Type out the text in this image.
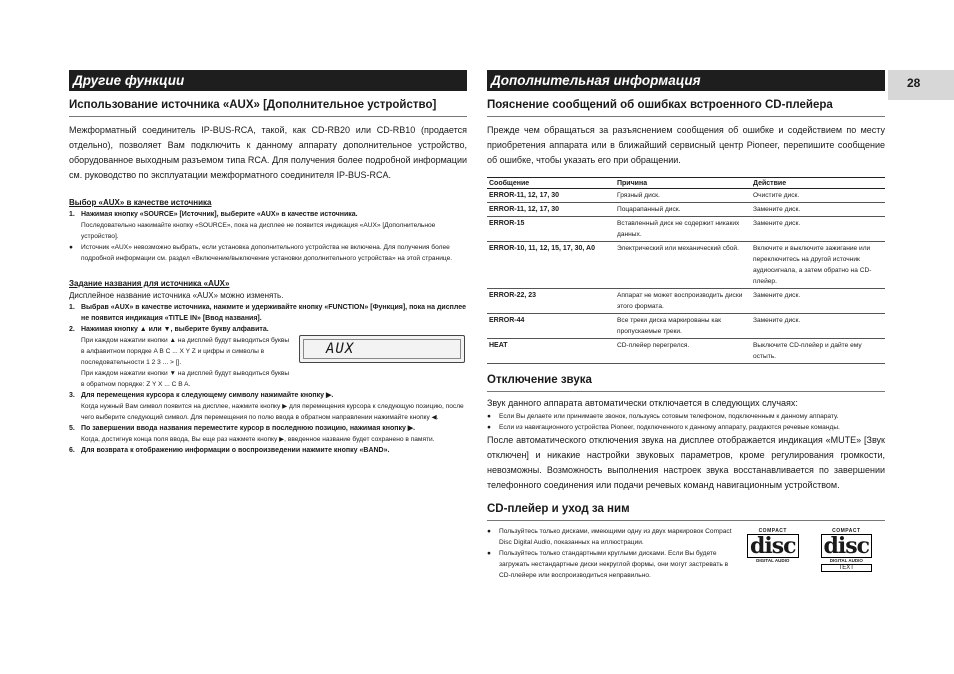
28
Другие функции
Использование источника «AUX» [Дополнительное устройство]

Межформатный соединитель IP-BUS-RCA, такой, как CD-RB20 или CD-RB10 (продается отдельно), позволяет Вам подключить к данному аппарату дополнительное устройство, оборудованное выходным разъемом типа RCA. Для получения более подробной информации см. руководство по эксплуатации межформатного соединителя IP-BUS-RCA.

Выбор «AUX» в качестве источника
1. Нажимая кнопку «SOURCE» [Источник], выберите «AUX» в качестве источника.
Последовательно нажимайте кнопку «SOURCE», пока на дисплее не появится индикация «AUX» [Дополнительное устройство].
●	Источник «AUX» невозможно выбрать, если установка дополнительного устройства не включена. Для получения более подробной информации см. раздел «Включение/выключение установки дополнительного устройства» на этой странице.
Задание названия для источника «AUX»

Дисплейное название источника «AUX» можно изменять.

1. Выбрав «AUX» в качестве источника, нажмите и удерживайте кнопку «FUNCTION» [Функция], пока на дисплее не появится индикация «TITLE IN» [Ввод названия].
2. Нажимая кнопку ▲ или ▼, выберите букву алфавита.
При каждом нажатии кнопки ▲ на дисплей будут выводиться буквы в алфавитном порядке A B C ... X Y Z и цифры и символы в последовательности 1 2 3 ... > [].
При каждом нажатии кнопки ▼ на дисплей будут выводиться буквы в обратном порядке: Z Y X ... C B A.
AUX
3. Для перемещения курсора к следующему символу нажимайте кнопку ▶.
Когда нужный Вам символ появится на дисплее, нажмите кнопку ▶ для перемещения курсора к следующую позицию, после чего выберите следующий символ. Для перемещения по полю ввода в обратном направлении нажимайте кнопку ◀.
5. По завершении ввода названия переместите курсор в последнюю позицию, нажимая кнопку ▶.
Когда, достигнув конца поля ввода, Вы еще раз нажмете кнопку ▶, введенное название будет сохранено в памяти.
6. Для возврата к отображению информации о воспроизведении нажмите кнопку «BAND».
Дополнительная информация
Пояснение сообщений об ошибках встроенного CD-плейера

Прежде чем обращаться за разъяснением сообщения об ошибке и содействием по месту приобретения аппарата или в ближайший сервисный центр Pioneer, перепишите сообщение об ошибке, чтобы указать его при обращении.

Сообщение	Причина	Действие
ERROR-11, 12, 17, 30	Грязный диск.	Очистите диск.
ERROR-11, 12, 17, 30	Поцарапанный диск.	Замените диск.
ERROR-15	Вставленный диск не содержит никаких данных.	Замените диск.
ERROR-10, 11, 12, 15, 17, 30, A0	Электрический или механический сбой.	Включите и выключите зажигание или переключитесь на другой источник аудиосигнала, а затем обратно на CD-плейер.
ERROR-22, 23	Аппарат не может воспроизводить диски этого формата.	Замените диск.
ERROR-44	Все треки диска маркированы как пропускаемые треки.	Замените диск.
HEAT	CD-плейер перегрелся.	Выключите CD-плейер и дайте ему остыть.
Отключение звука

Звук данного аппарата автоматически отключается в следующих случаях:

●	Если Вы делаете или принимаете звонок, пользуясь сотовым телефоном, подключенным к данному аппарату.
●	Если из навигационного устройства Pioneer, подключенного к данному аппарату, раздаются речевые команды.

После автоматического отключения звука на дисплее отображается индикация «MUTE» [Звук отключен] и никакие настройки звуковых параметров, кроме регулирования громкости, невозможны. Возможность выполнения настроек звука восстанавливается по завершении телефонного соединения или подачи речевых команд навигационным устройством.

CD-плейер и уход за ним
●	Пользуйтесь только дисками, имеющими одну из двух маркировок Compact Disc Digital Audio, показанных на иллюстрации.
●	Пользуйтесь только стандартными круглыми дисками. Если Вы будете загружать нестандартные диски некруглой формы, они могут застревать в CD-плейере или воспроизводиться неправильно.
COMPACT
disc
DIGITAL AUDIO
COMPACT
disc
DIGITAL AUDIO
TEXT
